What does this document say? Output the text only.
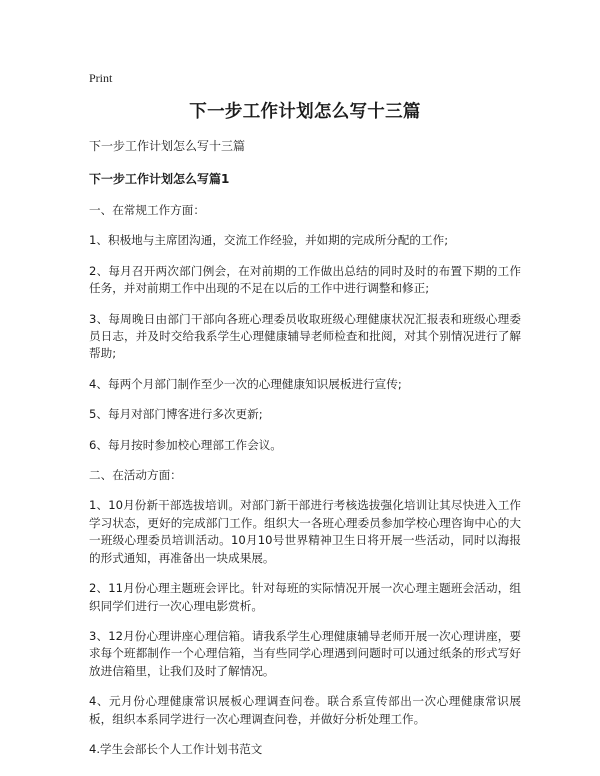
Print
下一步工作计划怎么写十三篇
下一步工作计划怎么写十三篇
下一步工作计划怎么写篇1
一、在常规工作方面：
1、积极地与主席团沟通，交流工作经验，并如期的完成所分配的工作;
2、每月召开两次部门例会，在对前期的工作做出总结的同时及时的布置下期的工作任务，并对前期工作中出现的不足在以后的工作中进行调整和修正;
3、每周晚日由部门干部向各班心理委员收取班级心理健康状况汇报表和班级心理委员日志，并及时交给我系学生心理健康辅导老师检查和批阅，对其个别情况进行了解帮助;
4、每两个月部门制作至少一次的心理健康知识展板进行宣传;
5、每月对部门博客进行多次更新;
6、每月按时参加校心理部工作会议。
二、在活动方面：
1、10月份新干部选拔培训。对部门新干部进行考核选拔强化培训让其尽快进入工作学习状态，更好的完成部门工作。组织大一各班心理委员参加学校心理咨询中心的大一班级心理委员培训活动。10月10号世界精神卫生日将开展一些活动，同时以海报的形式通知，再准备出一块成果展。
2、11月份心理主题班会评比。针对每班的实际情况开展一次心理主题班会活动，组织同学们进行一次心理电影赏析。
3、12月份心理讲座心理信箱。请我系学生心理健康辅导老师开展一次心理讲座，要求每个班都制作一个心理信箱，当有些同学心理遇到问题时可以通过纸条的形式写好放进信箱里，让我们及时了解情况。
4、元月份心理健康常识展板心理调查问卷。联合系宣传部出一次心理健康常识展板，组织本系同学进行一次心理调查问卷，并做好分析处理工作。
4.学生会部长个人工作计划书范文
